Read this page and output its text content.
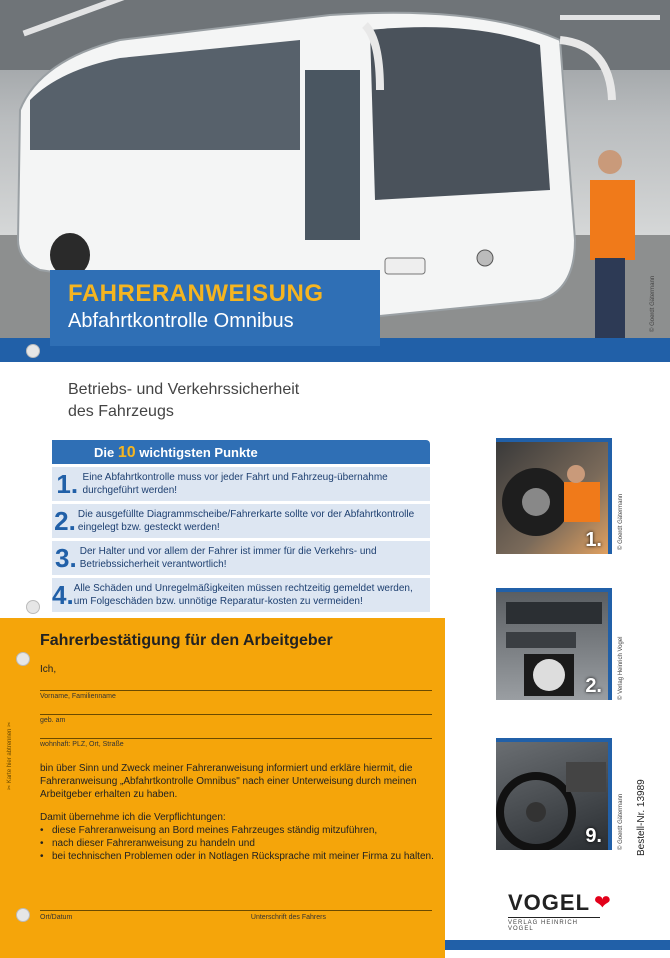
© Goerdt Gätermann
FAHRERANWEISUNG
Abfahrtkontrolle Omnibus
Betriebs- und Verkehrssicherheit
des Fahrzeugs
Die 10 wichtigsten Punkte
1. Eine Abfahrtkontrolle muss vor jeder Fahrt und Fahrzeug-übernahme durchgeführt werden!
2. Die ausgefüllte Diagrammscheibe/Fahrerkarte sollte vor der Abfahrtkontrolle eingelegt bzw. gesteckt werden!
3. Der Halter und vor allem der Fahrer ist immer für die Verkehrs- und Betriebssicherheit verantwortlich!
4. Alle Schäden und Unregelmäßigkeiten müssen rechtzeitig gemeldet werden, um Folgeschäden bzw. unnötige Reparatur-kosten zu vermeiden!
1.	© Goerdt Gätermann
2.	© Verlag Heinrich Vogel
9.	© Goerdt Gätermann Bestell-Nr. 13989
Fahrerbestätigung für den Arbeitgeber
Ich,
Vorname, Familienname
geb. am
wohnhaft: PLZ, Ort, Straße
bin über Sinn und Zweck meiner Fahreranweisung informiert und erkläre hiermit, die Fahreranweisung „Abfahrtkontrolle Omnibus" nach einer Unterweisung durch meinen Arbeitgeber erhalten zu haben.
Damit übernehme ich die Verpflichtungen:
• diese Fahreranweisung an Bord meines Fahrzeuges ständig mitzuführen,
• nach dieser Fahreranweisung zu handeln und
• bei technischen Problemen oder in Notlagen Rücksprache mit meiner Firma zu halten.
Ort/Datum	Unterschrift des Fahrers
✂ Karte hier abtrennen ✂
VOGEL ❤
VERLAG HEINRICH VOGEL
